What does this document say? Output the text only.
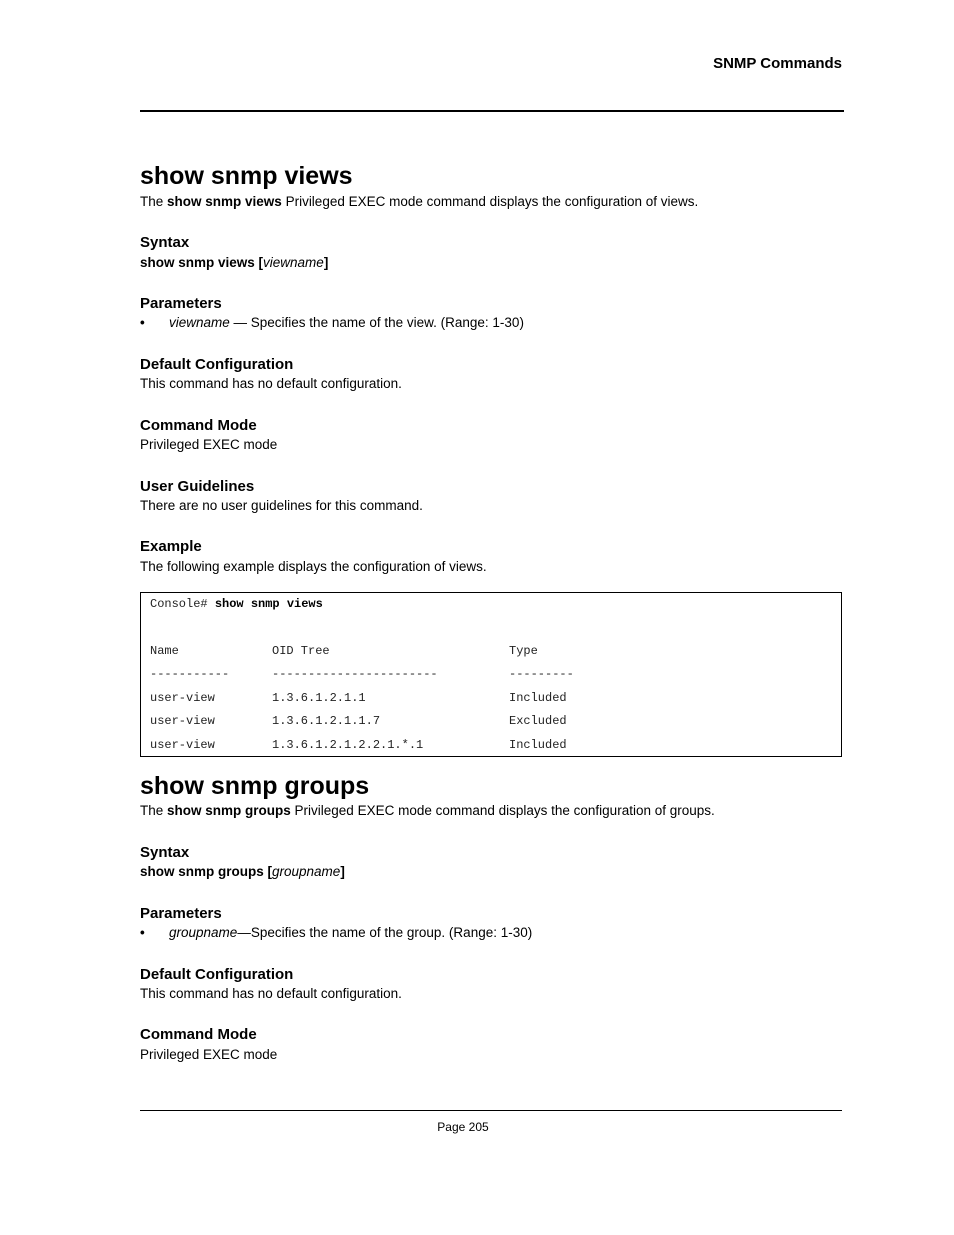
SNMP Commands
show snmp views

The show snmp views Privileged EXEC mode command displays the configuration of views.

Syntax

show snmp views [viewname]

Parameters
• viewname — Specifies the name of the view. (Range: 1-30)
Default Configuration

This command has no default configuration.

Command Mode

Privileged EXEC mode

User Guidelines

There are no user guidelines for this command.

Example

The following example displays the configuration of views.

Console# show snmp views
Name	OID Tree	Type
-----------	-----------------------	---------
user-view	1.3.6.1.2.1.1	Included
user-view	1.3.6.1.2.1.1.7	Excluded
user-view	1.3.6.1.2.1.2.2.1.*.1	Included
show snmp groups

The show snmp groups Privileged EXEC mode command displays the configuration of groups.

Syntax

show snmp groups [groupname]

Parameters
• groupname—Specifies the name of the group. (Range: 1-30)
Default Configuration

This command has no default configuration.

Command Mode

Privileged EXEC mode

Page 205
